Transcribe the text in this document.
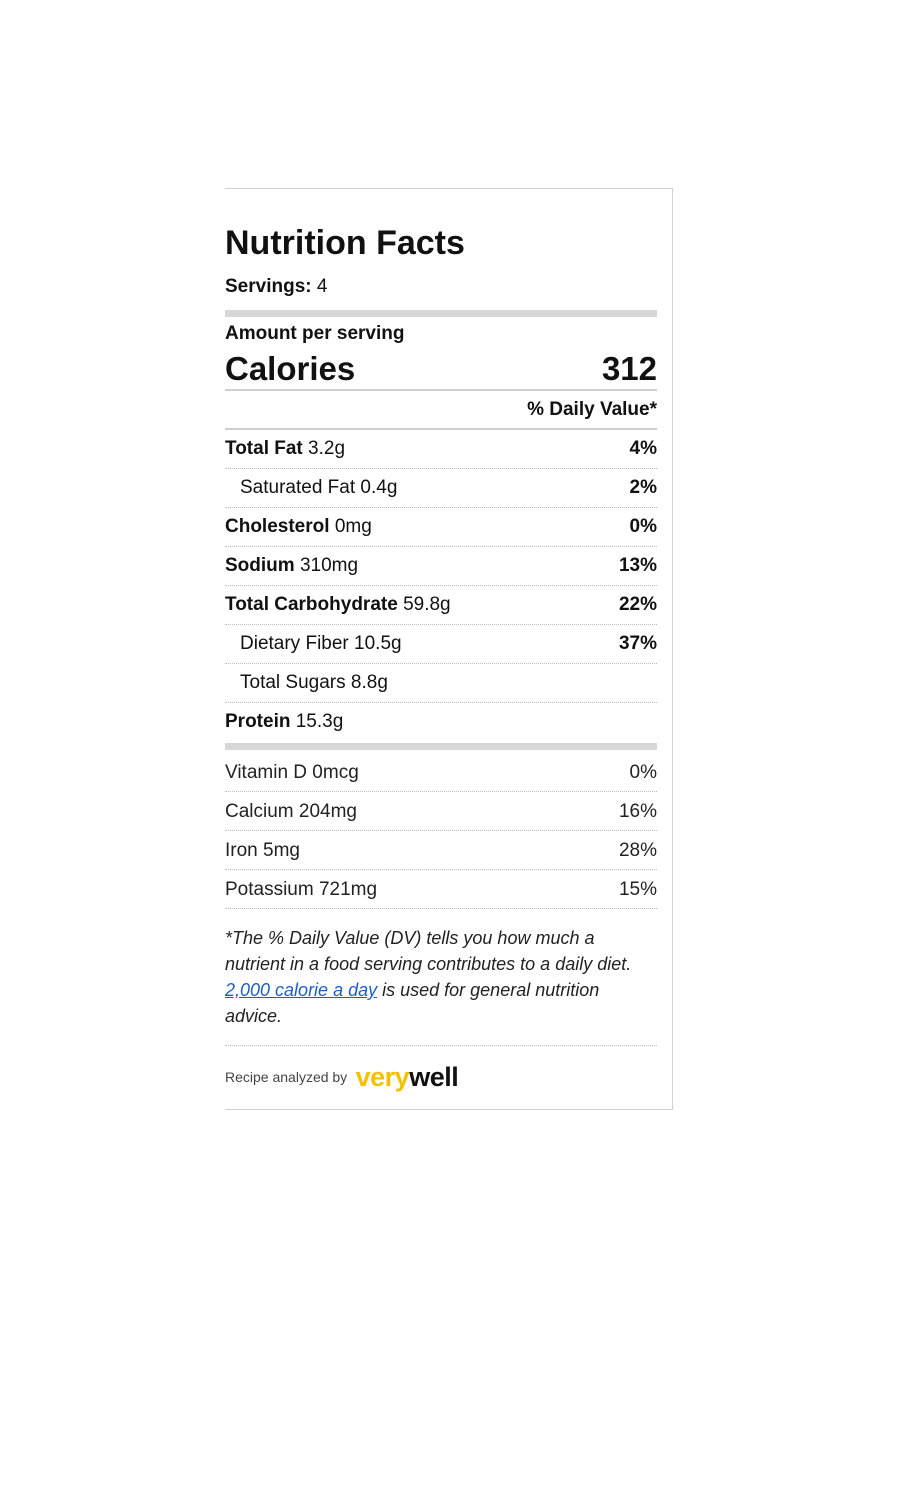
Nutrition Facts
Servings: 4
Amount per serving
Calories	312
% Daily Value*
Total Fat 3.2g	4%
Saturated Fat 0.4g	2%
Cholesterol 0mg	0%
Sodium 310mg	13%
Total Carbohydrate 59.8g	22%
Dietary Fiber 10.5g	37%
Total Sugars 8.8g
Protein 15.3g
Vitamin D 0mcg	0%
Calcium 204mg	16%
Iron 5mg	28%
Potassium 721mg	15%
*The % Daily Value (DV) tells you how much a nutrient in a food serving contributes to a daily diet. 2,000 calorie a day is used for general nutrition advice.
Recipe analyzed by verywell
